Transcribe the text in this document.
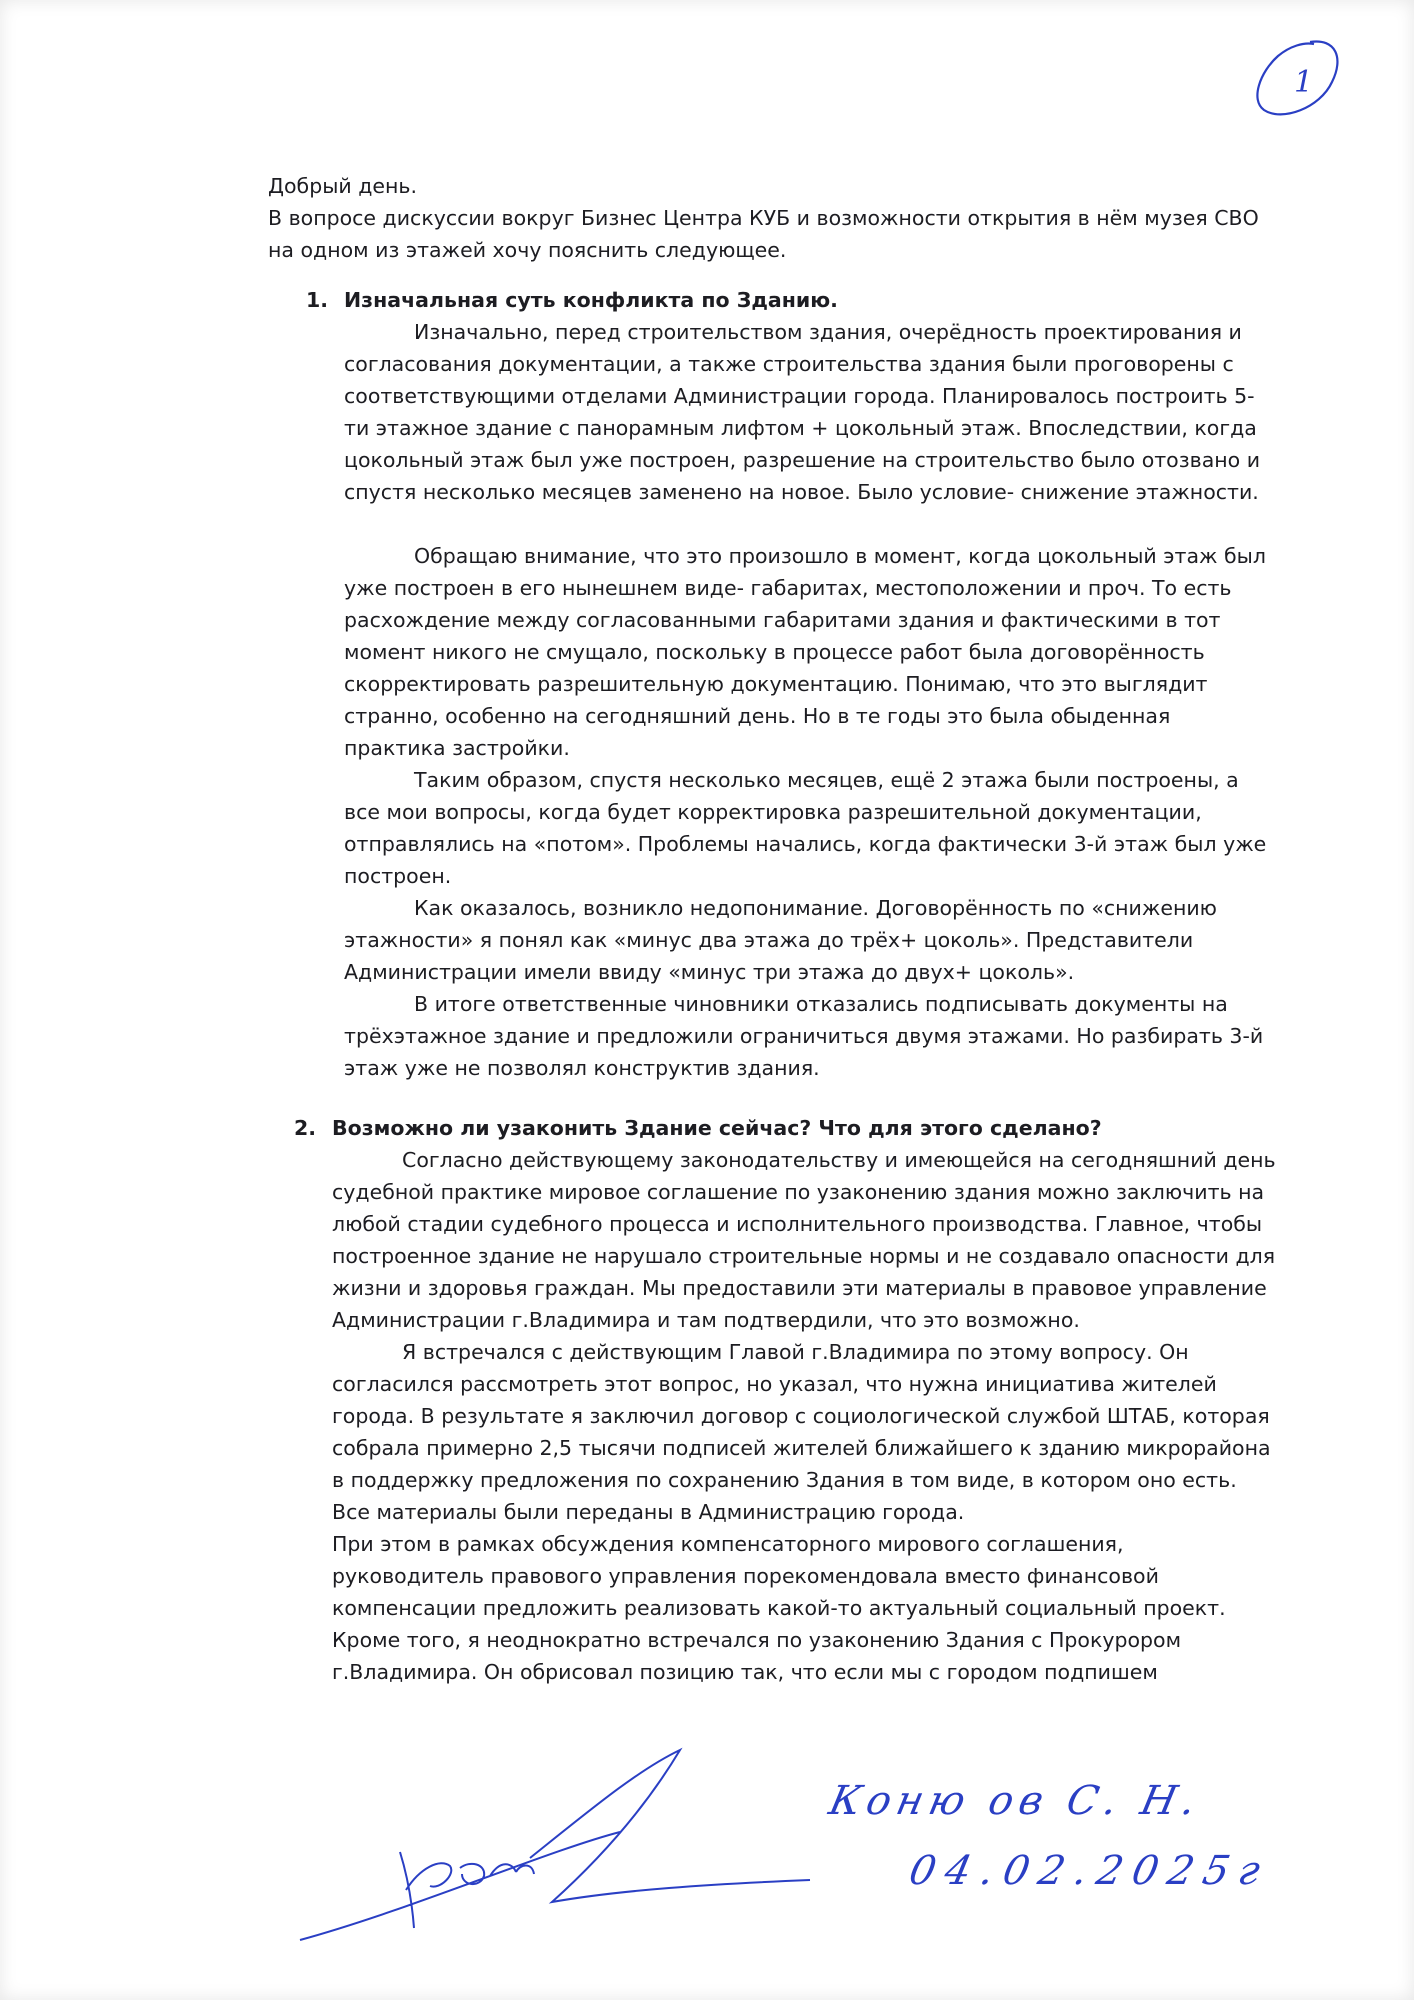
1

Добрый день.

В вопросе дискуссии вокруг Бизнес Центра КУБ и возможности открытия в нём музея СВО на одном из этажей хочу пояснить следующее.

1. Изначальная суть конфликта по Зданию.

Изначально, перед строительством здания, очерёдность проектирования и согласования документации, а также строительства здания были проговорены с соответствующими отделами Администрации города. Планировалось построить 5-ти этажное здание с панорамным лифтом + цокольный этаж. Впоследствии, когда цокольный этаж был уже построен, разрешение на строительство было отозвано и спустя несколько месяцев заменено на новое. Было условие- снижение этажности.

Обращаю внимание, что это произошло в момент, когда цокольный этаж был уже построен в его нынешнем виде- габаритах, местоположении и проч. То есть расхождение между согласованными габаритами здания и фактическими в тот момент никого не смущало, поскольку в процессе работ была договорённость скорректировать разрешительную документацию. Понимаю, что это выглядит странно, особенно на сегодняшний день. Но в те годы это была обыденная практика застройки.

Таким образом, спустя несколько месяцев, ещё 2 этажа были построены, а все мои вопросы, когда будет корректировка разрешительной документации, отправлялись на «потом». Проблемы начались, когда фактически 3-й этаж был уже построен.

Как оказалось, возникло недопонимание. Договорённость по «снижению этажности» я понял как «минус два этажа до трёх+ цоколь». Представители Администрации имели ввиду «минус три этажа до двух+ цоколь».

В итоге ответственные чиновники отказались подписывать документы на трёхэтажное здание и предложили ограничиться двумя этажами. Но разбирать 3-й этаж уже не позволял конструктив здания.

2. Возможно ли узаконить Здание сейчас? Что для этого сделано?

Согласно действующему законодательству и имеющейся на сегодняшний день судебной практике мировое соглашение по узаконению здания можно заключить на любой стадии судебного процесса и исполнительного производства. Главное, чтобы построенное здание не нарушало строительные нормы и не создавало опасности для жизни и здоровья граждан. Мы предоставили эти материалы в правовое управление Администрации г.Владимира и там подтвердили, что это возможно.

Я встречался с действующим Главой г.Владимира по этому вопросу. Он согласился рассмотреть этот вопрос, но указал, что нужна инициатива жителей города. В результате я заключил договор с социологической службой ШТАБ, которая собрала примерно 2,5 тысячи подписей жителей ближайшего к зданию микрорайона в поддержку предложения по сохранению Здания в том виде, в котором оно есть. Все материалы были переданы в Администрацию города.

При этом в рамках обсуждения компенсаторного мирового соглашения, руководитель правового управления порекомендовала вместо финансовой компенсации предложить реализовать какой-то актуальный социальный проект.

Кроме того, я неоднократно встречался по узаконению Здания с Прокурором г.Владимира. Он обрисовал позицию так, что если мы с городом подпишем

Коню ов С. Н.
04.02.2025г
